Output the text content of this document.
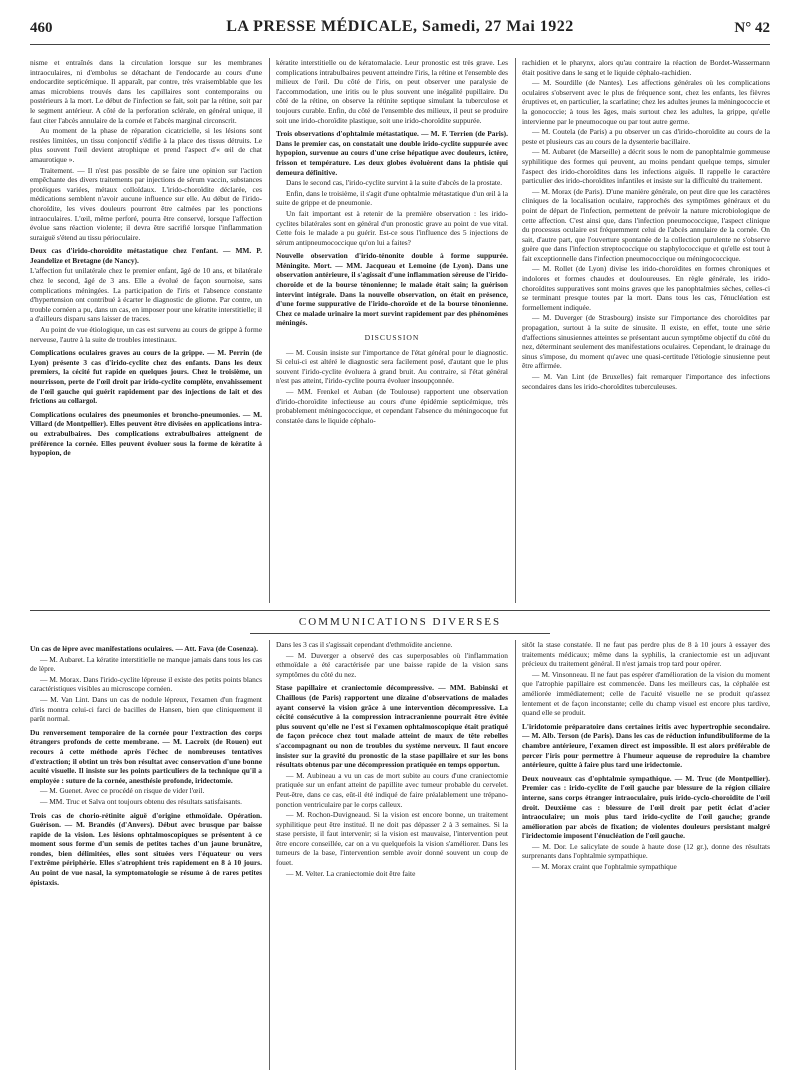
460	LA PRESSE MÉDICALE, Samedi, 27 Mai 1922	N° 42

nisme et entraînés dans la circulation lorsque sur les membranes intraoculaires, ni d'embolus se détachant de l'endocarde au cours d'une endocardite septicémique. Il apparaît, par contre, très vraisemblable que les amas microbiens trouvés dans les capillaires sont contemporains ou postérieurs à la mort. Le début de l'infection se fait, soit par la rétine, soit par le segment antérieur. A côté de la perforation sclérale, en général unique, il faut citer l'abcès annulaire de la cornée et l'abcès marginal circonscrit.

Au moment de la phase de réparation cicatricielle, si les lésions sont restées limitées, un tissu conjonctif s'édifie à la place des tissus détruits. Le plus souvent l'œil devient atrophique et prend l'aspect d'« œil de chat amaurotique ».

Traitement. — Il n'est pas possible de se faire une opinion sur l'action empêchante des divers traitements par injections de sérum vaccin, substances protéiques variées, métaux colloïdaux. L'irido-choroïdite déclarée, ces médications semblent n'avoir aucune influence sur elle. Au début de l'irido-choroïdite, les vives douleurs pourront être calmées par les ponctions intraoculaires. L'œil, même perforé, pourra être conservé, lorsque l'affection évolue sans réaction violente; il devra être sacrifié lorsque l'inflammation suraiguë s'étend au tissu périoculaire.

Deux cas d'irido-choroïdite métastatique chez l'enfant. — MM. P. Jeandelize et Bretagne (de Nancy).

L'affection fut unilatérale chez le premier enfant, âgé de 10 ans, et bilatérale chez le second, âgé de 3 ans. Elle a évolué de façon sournoise, sans complications méningées. La participation de l'iris et l'absence constante d'hypertension ont contribué à écarter le diagnostic de gliome. Par contre, un trouble cornéen a pu, dans un cas, en imposer pour une kératite interstitielle; il a d'ailleurs disparu sans laisser de traces.

Au point de vue étiologique, un cas est survenu au cours de grippe à forme nerveuse, l'autre à la suite de troubles intestinaux.

Complications oculaires graves au cours de la grippe. — M. Perrin (de Lyon) présente 3 cas d'irido-cyclite chez des enfants. Dans les deux premiers, la cécité fut rapide en quelques jours. Chez le troisième, un nourrisson, perte de l'œil droit par irido-cyclite complète, envahissement de l'œil gauche qui guérit rapidement par des injections de lait et des frictions au collargol.

Complications oculaires des pneumonies et broncho-pneumonies. — M. Villard (de Montpellier). Elles peuvent être divisées en applications intra- ou extrabulbaires. Des complications extrabulbaires atteignent de préférence la cornée. Elles peuvent évoluer sous la forme de kératite à hypopion, de

kératite interstitielle ou de kératomalacie. Leur pronostic est très grave. Les complications intrabulbaires peuvent atteindre l'iris, la rétine et l'ensemble des milieux de l'œil. Du côté de l'iris, on peut observer une paralysie de l'accommodation, une iritis ou le plus souvent une inégalité pupillaire. Du côté de la rétine, on observe la rétinite septique simulant la tuberculose et toujours curable. Enfin, du côté de l'ensemble des milieux, il peut se produire soit une irido-choroïdite plastique, soit une irido-choroïdite suppurée.

Trois observations d'ophtalmie métastatique. — M. F. Terrien (de Paris). Dans le premier cas, on constatait une double irido-cyclite suppurée avec hypopion, survenue au cours d'une crise hépatique avec douleurs, ictère, frisson et température. Les deux globes évoluèrent dans la phtisie qui demeura définitive.

Dans le second cas, l'irido-cyclite survint à la suite d'abcès de la prostate.

Enfin, dans le troisième, il s'agit d'une ophtalmie métastatique d'un œil à la suite de grippe et de pneumonie.

Un fait important est à retenir de la première observation : les irido-cyclites bilatérales sont en général d'un pronostic grave au point de vue vital. Cette fois le malade a pu guérir. Est-ce sous l'influence des 5 injections de sérum antipneumococcique qu'on lui a faites?

Nouvelle observation d'irido-ténonite double à forme suppurée. Méningite. Mort. — MM. Jacqueau et Lemoine (de Lyon). Dans une observation antérieure, il s'agissait d'une inflammation séreuse de l'irido-choroïde et de la bourse ténonienne; le malade était sain; la guérison intervint intégrale. Dans la nouvelle observation, on était en présence, d'une forme suppurative de l'irido-choroïde et de la bourse ténonienne. Chez ce malade urinaire la mort survint rapidement par des phénomènes méningés.

DISCUSSION

— M. Cousin insiste sur l'importance de l'état général pour le diagnostic. Si celui-ci est altéré le diagnostic sera facilement posé, d'autant que le plus souvent l'irido-cyclite évoluera à grand bruit. Au contraire, si l'état général n'est pas atteint, l'irido-cyclite pourra évoluer insoupçonnée.

— MM. Frenkel et Auban (de Toulouse) rapportent une observation d'irido-choroïdite infectieuse au cours d'une épidémie septicémique, très probablement méningococcique, et cependant l'absence du méningocoque fut constatée dans le liquide céphalo-

rachidien et le pharynx, alors qu'au contraire la réaction de Bordet-Wassermann était positive dans le sang et le liquide céphalo-rachidien.

— M. Sourdille (de Nantes). Les affections générales où les complications oculaires s'observent avec le plus de fréquence sont, chez les enfants, les fièvres éruptives et, en particulier, la scarlatine; chez les adultes jeunes la méningococcie et la gonococcie; à tous les âges, mais surtout chez les adultes, la grippe, qu'elle intervienne par le pneumocoque ou par tout autre germe.

— M. Coutela (de Paris) a pu observer un cas d'irido-choroïdite au cours de la peste et plusieurs cas au cours de la dysenterie bacillaire.

— M. Aubaret (de Marseille) a décrit sous le nom de panophtalmie gommeuse syphilitique des formes qui peuvent, au moins pendant quelque temps, simuler l'aspect des irido-choroïdites dans les infections aiguës. Il rappelle le caractère particulier des irido-choroïdites infantiles et insiste sur la difficulté du traitement.

— M. Morax (de Paris). D'une manière générale, on peut dire que les caractères cliniques de la localisation oculaire, rapprochés des symptômes généraux et du point de départ de l'infection, permettent de prévoir la nature microbiologique de cette affection. C'est ainsi que, dans l'infection pneumococcique, l'aspect clinique du processus oculaire est fréquemment celui de l'abcès annulaire de la cornée. On sait, d'autre part, que l'ouverture spontanée de la collection purulente ne s'observe guère que dans l'infection streptococcique ou staphylococcique et qu'elle est tout à fait exceptionnelle dans l'infection pneumococcique ou méningococcique.

— M. Rollet (de Lyon) divise les irido-choroïdites en formes chroniques et indolores et formes chaudes et douloureuses. En règle générale, les irido-choroïdites suppuratives sont moins graves que les panophtalmies sèches, celles-ci se terminant presque toutes par la mort. Dans tous les cas, l'énucléation est formellement indiquée.

— M. Duverger (de Strasbourg) insiste sur l'importance des choroïdites par propagation, surtout à la suite de sinusite. Il existe, en effet, toute une série d'affections sinusiennes atteintes se présentant aucun symptôme objectif du côté du nez, déterminant seulement des manifestations oculaires. Cependant, le drainage du sinus s'impose, du moment qu'avec une quasi-certitude l'étiologie sinusienne peut être affirmée.

— M. Van Lint (de Bruxelles) fait remarquer l'importance des infections secondaires dans les irido-choroïdites tuberculeuses.

COMMUNICATIONS DIVERSES

Un cas de lèpre avec manifestations oculaires. — Att. Fava (de Cosenza).

— M. Aubaret. La kératite interstitielle ne manque jamais dans tous les cas de lèpre.

— M. Morax. Dans l'irido-cyclite lépreuse il existe des petits points blancs caractéristiques visibles au microscope cornéen.

— M. Van Lint. Dans un cas de nodule lépreux, l'examen d'un fragment d'iris montra celui-ci farci de bacilles de Hansen, bien que cliniquement il parût normal.

Du renversement temporaire de la cornée pour l'extraction des corps étrangers profonds de cette membrane. — M. Lacroix (de Rouen) eut recours à cette méthode après l'échec de nombreuses tentatives d'extraction; il obtint un très bon résultat avec conservation d'une bonne acuité visuelle. Il insiste sur les points particuliers de la technique qu'il a employée : suture de la cornée, anesthésie profonde, iridectomie.

— M. Guenet. Avec ce procédé on risque de vider l'œil.

— MM. Truc et Salva ont toujours obtenu des résultats satisfaisants.

Trois cas de chorio-rétinite aiguë d'origine ethmoïdale. Opération. Guérison. — M. Brandès (d'Anvers). Début avec brusque par baisse rapide de la vision. Les lésions ophtalmoscopiques se présentent à ce moment sous forme d'un semis de petites taches d'un jaune brunâtre, rondes, bien délimitées, elles sont situées vers l'équateur ou vers l'extrême périphérie. Elles s'atrophient très rapidement en 8 à 10 jours. Au point de vue nasal, la symptomatologie se résume à de rares petites épistaxis.

Dans les 3 cas il s'agissait cependant d'ethmoïdite ancienne.

— M. Duverger a observé des cas superposables où l'inflammation ethmoïdale a été caractérisée par une baisse rapide de la vision sans symptômes du côté du nez.

Stase papillaire et craniectomie décompressive. — MM. Babinski et Chaillous (de Paris) rapportent une dizaine d'observations de malades ayant conservé la vision grâce à une intervention décompressive. La cécité consécutive à la compression intracranienne pourrait être évitée plus souvent qu'elle ne l'est si l'examen ophtalmoscopique était pratiqué de façon précoce chez tout malade atteint de maux de tête rebelles s'accompagnant ou non de troubles du système nerveux. Il faut encore insister sur la gravité du pronostic de la stase papillaire et sur les bons résultats obtenus par une décompression pratiquée en temps opportun.

— M. Aubineau a vu un cas de mort subite au cours d'une craniectomie pratiquée sur un enfant atteint de papillite avec tumeur probable du cervelet. Peut-être, dans ce cas, eût-il été indiqué de faire préalablement une trépano-ponction ventriculaire par le corps calleux.

— M. Rochon-Duvigneaud. Si la vision est encore bonne, un traitement syphilitique peut être institué. Il ne doit pas dépasser 2 à 3 semaines. Si la stase persiste, il faut intervenir; si la vision est mauvaise, l'intervention peut être encore conseillée, car on a vu quelquefois la vision s'améliorer. Dans les tumeurs de la base, l'intervention semble avoir donné souvent un coup de fouet.

— M. Velter. La craniectomie doit être faite

sitôt la stase constatée. Il ne faut pas perdre plus de 8 à 10 jours à essayer des traitements médicaux; même dans la syphilis, la craniectomie est un adjuvant précieux du traitement général. Il n'est jamais trop tard pour opérer.

— M. Vinsonneau. Il ne faut pas espérer d'amélioration de la vision du moment que l'atrophie papillaire est commencée. Dans les meilleurs cas, la céphalée est améliorée immédiatement; celle de l'acuité visuelle ne se produit qu'assez lentement et de façon inconstante; celle du champ visuel est encore plus tardive, quand elle se produit.

L'iridotomie préparatoire dans certaines iritis avec hypertrophie secondaire. — M. Alb. Terson (de Paris). Dans les cas de réduction infundibuliforme de la chambre antérieure, l'examen direct est impossible. Il est alors préférable de percer l'iris pour permettre à l'humeur aqueuse de reproduire la chambre antérieure, quitte à faire plus tard une iridectomie.

Deux nouveaux cas d'ophtalmie sympathique. — M. Truc (de Montpellier). Premier cas : irido-cyclite de l'œil gauche par blessure de la région ciliaire interne, sans corps étranger intraoculaire, puis irido-cyclo-choroïdite de l'œil droit. Deuxième cas : blessure de l'œil droit par petit éclat d'acier intraoculaire; un mois plus tard irido-cyclite de l'œil gauche; grande amélioration par abcès de fixation; de violentes douleurs persistant malgré l'iridectomie imposent l'énucléation de l'œil gauche.

— M. Dor. Le salicylate de soude à haute dose (12 gr.), donne des résultats surprenants dans l'ophtalmie sympathique.

— M. Morax craint que l'ophtalmie sympathique
